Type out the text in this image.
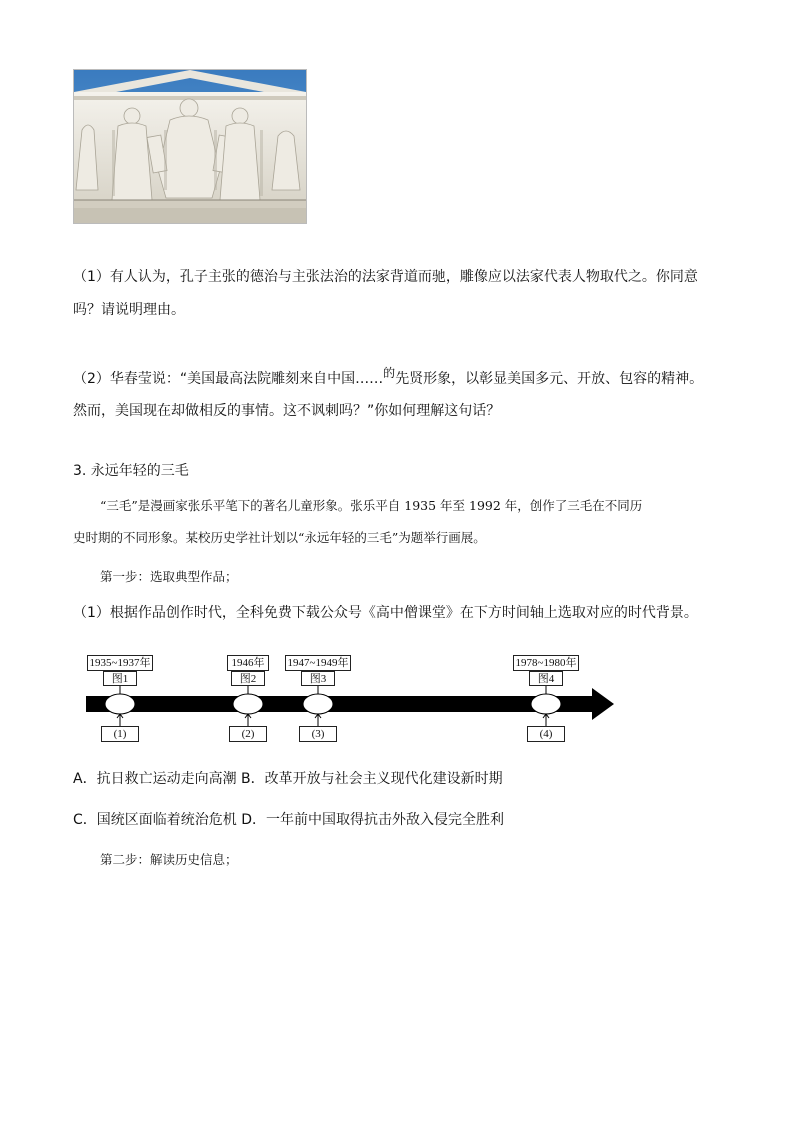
（1）有人认为，孔子主张的德治与主张法治的法家背道而驰，雕像应以法家代表人物取代之。你同意
吗？请说明理由。
（2）华春莹说：“美国最高法院雕刻来自中国……的先贤形象，以彰显美国多元、开放、包容的精神。
然而，美国现在却做相反的事情。这不讽刺吗？”你如何理解这句话？
3. 永远年轻的三毛
“三毛”是漫画家张乐平笔下的著名儿童形象。张乐平自 1935 年至 1992 年，创作了三毛在不同历
史时期的不同形象。某校历史学社计划以“永远年轻的三毛”为题举行画展。
第一步：选取典型作品；
（1）根据作品创作时代，全科免费下载公众号《高中僧课堂》在下方时间轴上选取对应的时代背景。
1935~1937年
图1
(1)
1946年
图2
(2)
1947~1949年
图3
(3)
1978~1980年
图4
(4)
A．抗日救亡运动走向高潮 B．改革开放与社会主义现代化建设新时期
C．国统区面临着统治危机 D．一年前中国取得抗击外敌入侵完全胜利
第二步：解读历史信息；
